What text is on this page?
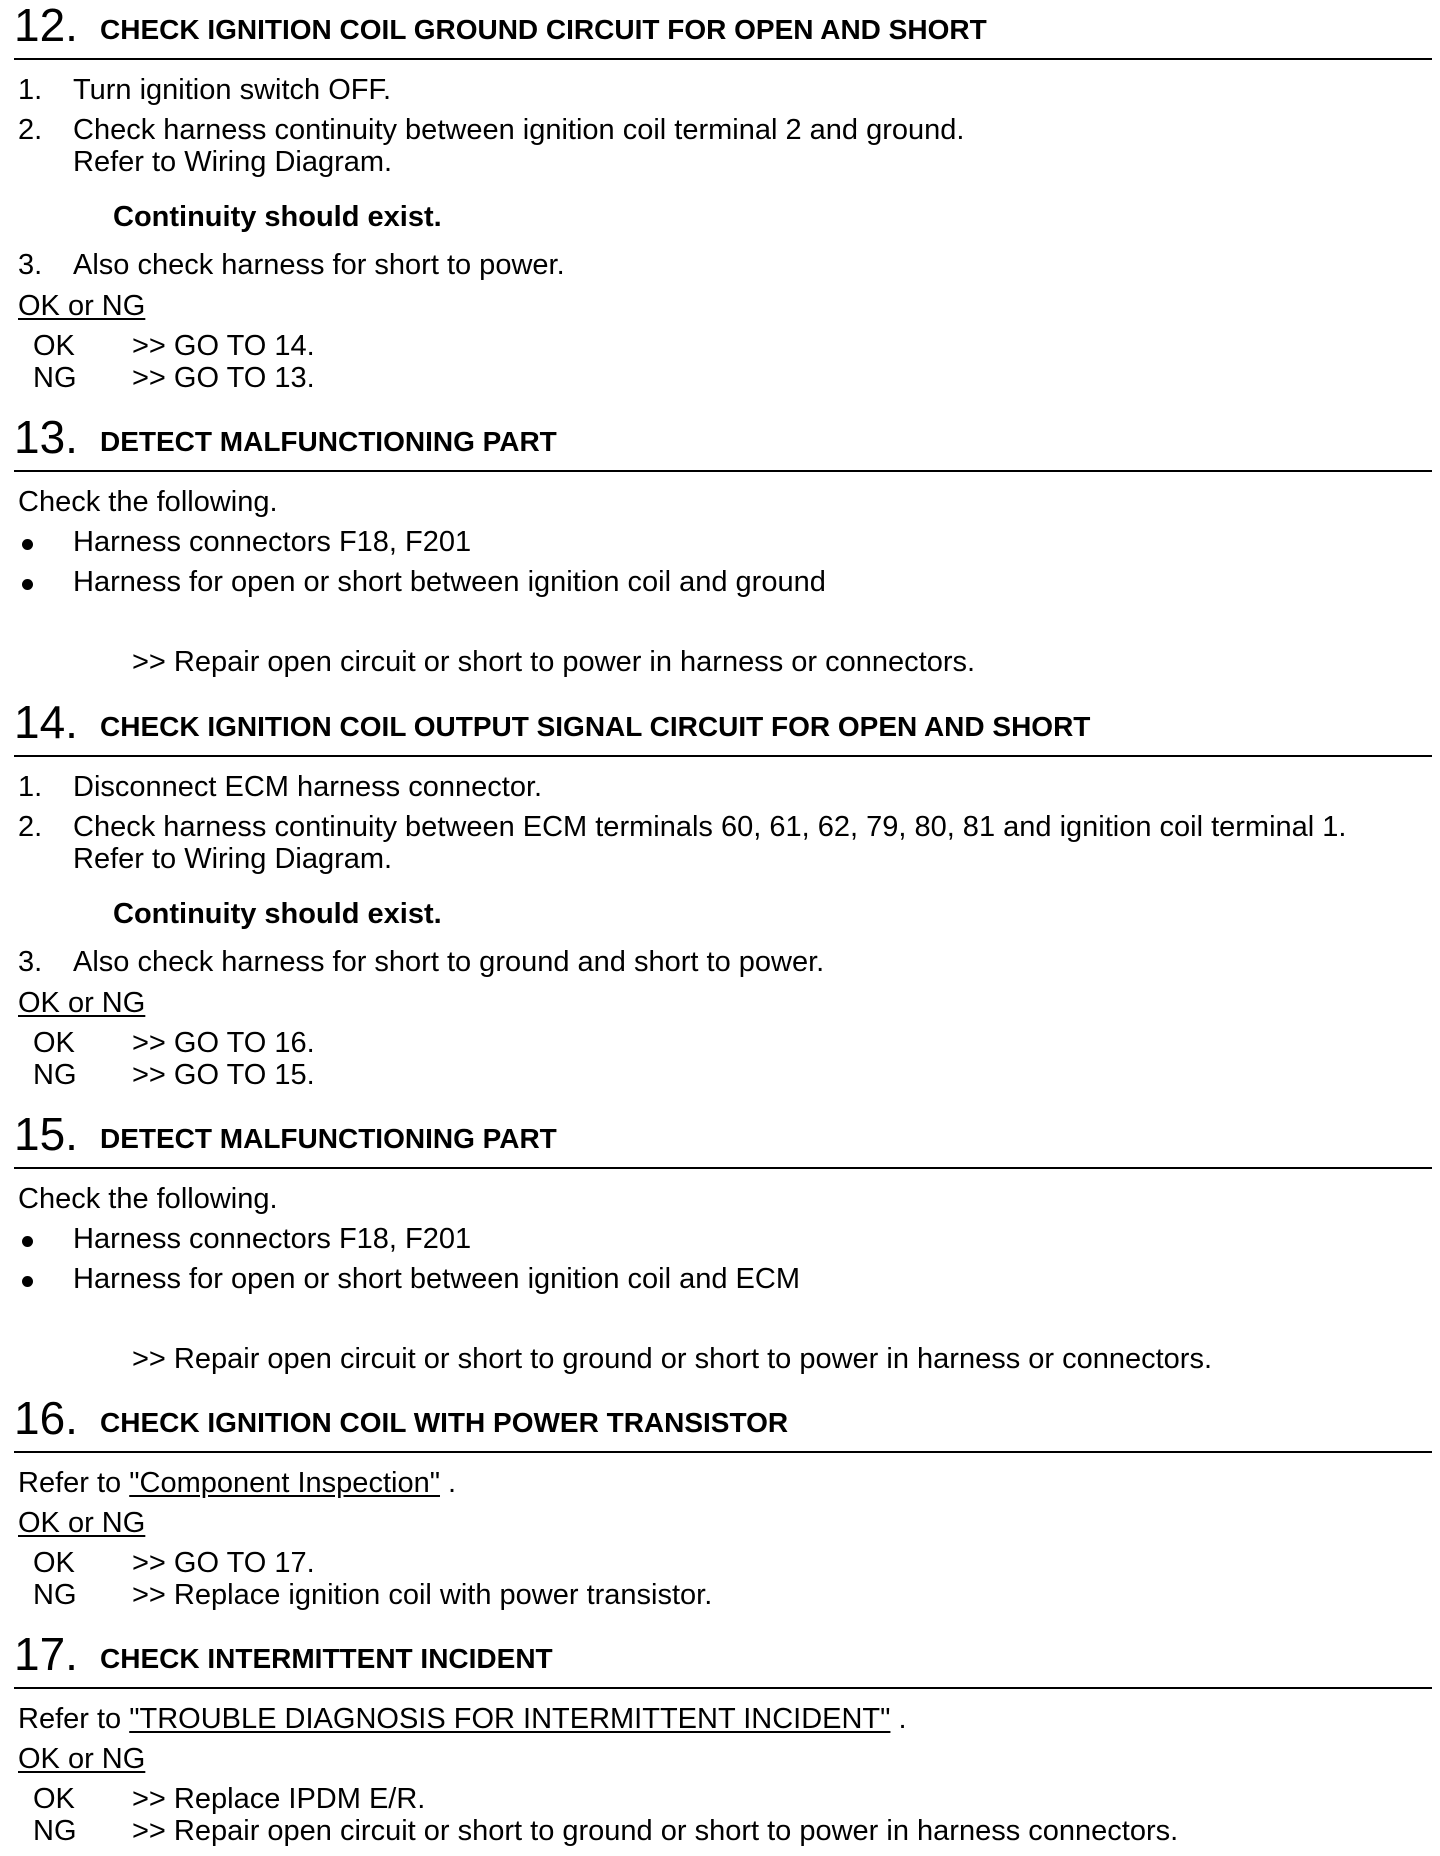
12. CHECK IGNITION COIL GROUND CIRCUIT FOR OPEN AND SHORT
1. Turn ignition switch OFF.
2. Check harness continuity between ignition coil terminal 2 and ground.
Refer to Wiring Diagram.
Continuity should exist.
3. Also check harness for short to power.
OK or NG
OK >> GO TO 14.
NG >> GO TO 13.
13. DETECT MALFUNCTIONING PART
Check the following.
Harness connectors F18, F201
Harness for open or short between ignition coil and ground
>> Repair open circuit or short to power in harness or connectors.
14. CHECK IGNITION COIL OUTPUT SIGNAL CIRCUIT FOR OPEN AND SHORT
1. Disconnect ECM harness connector.
2. Check harness continuity between ECM terminals 60, 61, 62, 79, 80, 81 and ignition coil terminal 1.
Refer to Wiring Diagram.
Continuity should exist.
3. Also check harness for short to ground and short to power.
OK or NG
OK >> GO TO 16.
NG >> GO TO 15.
15. DETECT MALFUNCTIONING PART
Check the following.
Harness connectors F18, F201
Harness for open or short between ignition coil and ECM
>> Repair open circuit or short to ground or short to power in harness or connectors.
16. CHECK IGNITION COIL WITH POWER TRANSISTOR
Refer to "Component Inspection" .
OK or NG
OK >> GO TO 17.
NG >> Replace ignition coil with power transistor.
17. CHECK INTERMITTENT INCIDENT
Refer to "TROUBLE DIAGNOSIS FOR INTERMITTENT INCIDENT" .
OK or NG
OK >> Replace IPDM E/R.
NG >> Repair open circuit or short to ground or short to power in harness connectors.
